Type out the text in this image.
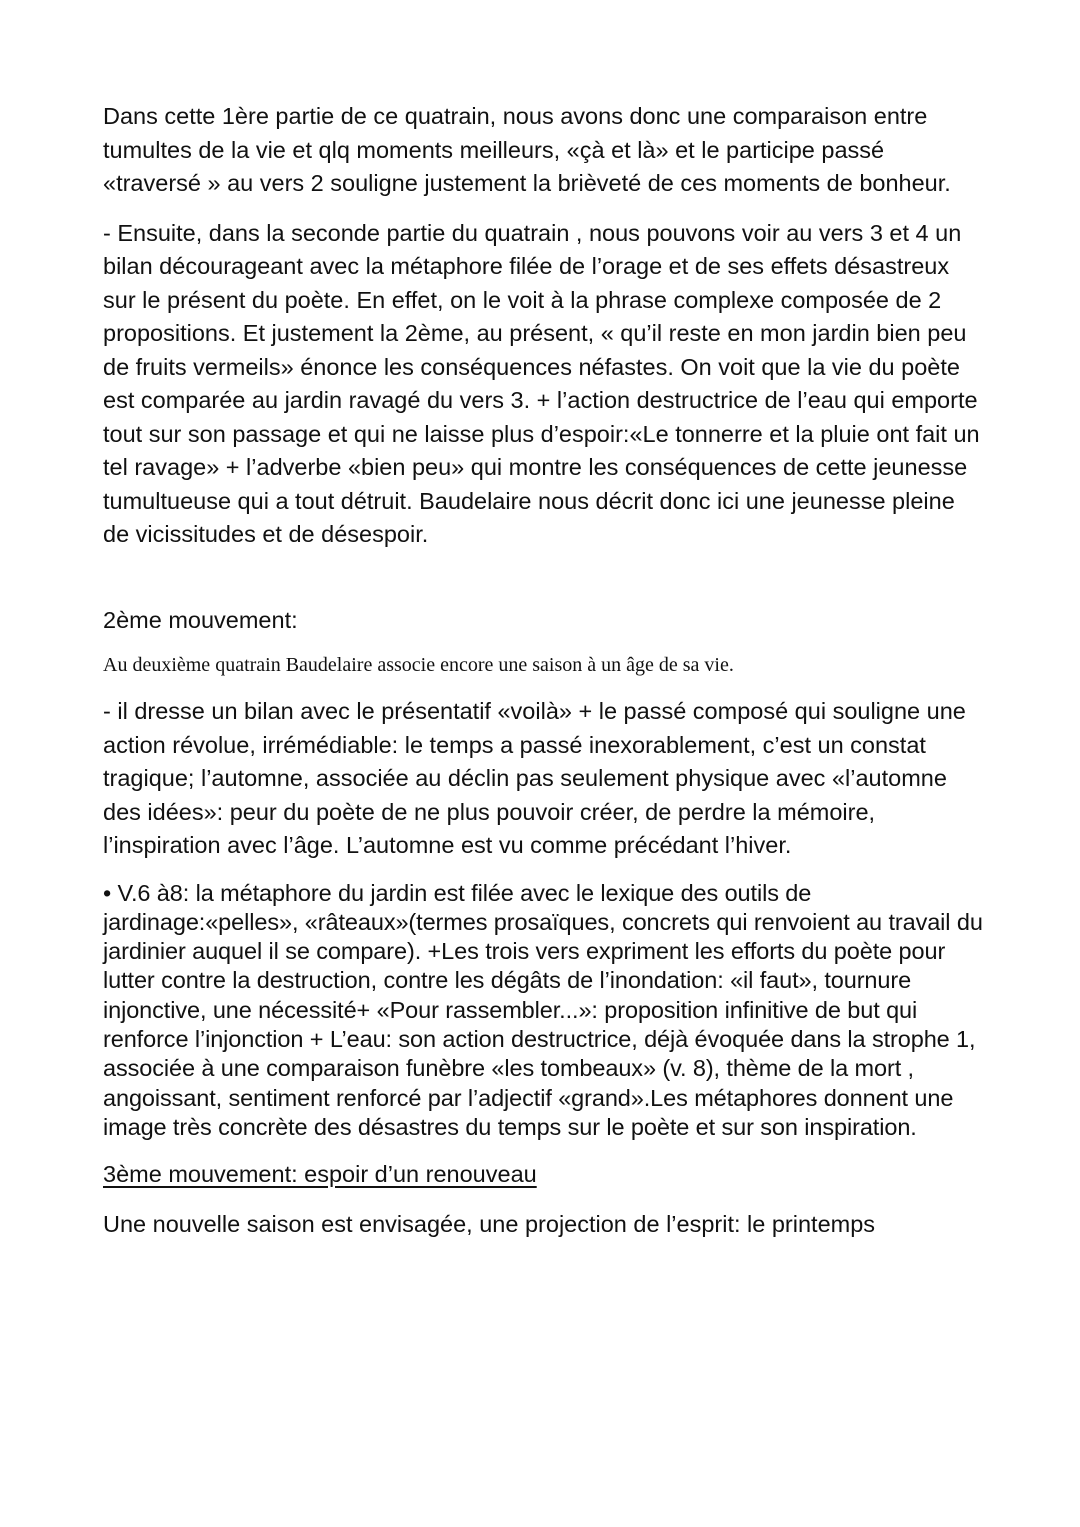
Dans cette 1ère partie de ce quatrain, nous avons donc une comparaison entre tumultes de la vie et qlq moments meilleurs, «çà et là» et le participe passé «traversé » au vers 2 souligne justement la brièveté de ces moments de bonheur.

- Ensuite, dans la seconde partie du quatrain , nous pouvons voir au vers 3 et 4 un bilan décourageant avec la métaphore filée de l’orage et de ses effets désastreux sur le présent du poète. En effet, on le voit à la phrase complexe composée de 2 propositions. Et justement la 2ème, au présent, « qu’il reste en mon jardin bien peu de fruits vermeils» énonce les conséquences néfastes. On voit que la vie du poète est comparée au jardin ravagé du vers 3. + l’action destructrice de l’eau qui emporte tout sur son passage et qui ne laisse plus d’espoir:«Le tonnerre et la pluie ont fait un tel ravage» + l’adverbe «bien peu» qui montre les conséquences de cette jeunesse tumultueuse qui a tout détruit. Baudelaire nous décrit donc ici une jeunesse pleine de vicissitudes et de désespoir.

2ème mouvement:

Au deuxième quatrain Baudelaire associe encore une saison à un âge de sa vie.

- il dresse un bilan avec le présentatif «voilà» + le passé composé qui souligne une action révolue, irrémédiable: le temps a passé inexorablement, c’est un constat tragique; l’automne, associée au déclin pas seulement physique avec «l’automne des idées»: peur du poète de ne plus pouvoir créer, de perdre la mémoire, l’inspiration avec l’âge. L’automne est vu comme précédant l’hiver.

• V.6 à8: la métaphore du jardin est filée avec le lexique des outils de jardinage:«pelles», «râteaux»(termes prosaïques, concrets qui renvoient au travail du jardinier auquel il se compare). +Les trois vers expriment les efforts du poète pour lutter contre la destruction, contre les dégâts de l’inondation: «il faut», tournure injonctive, une nécessité+ «Pour rassembler...»: proposition infinitive de but qui renforce l’injonction + L’eau: son action destructrice, déjà évoquée dans la strophe 1, associée à une comparaison funèbre «les tombeaux» (v. 8), thème de la mort , angoissant, sentiment renforcé par l’adjectif «grand».Les métaphores donnent une image très concrète des désastres du temps sur le poète et sur son inspiration.

3ème mouvement: espoir d’un renouveau

Une nouvelle saison est envisagée, une projection de l’esprit: le printemps
